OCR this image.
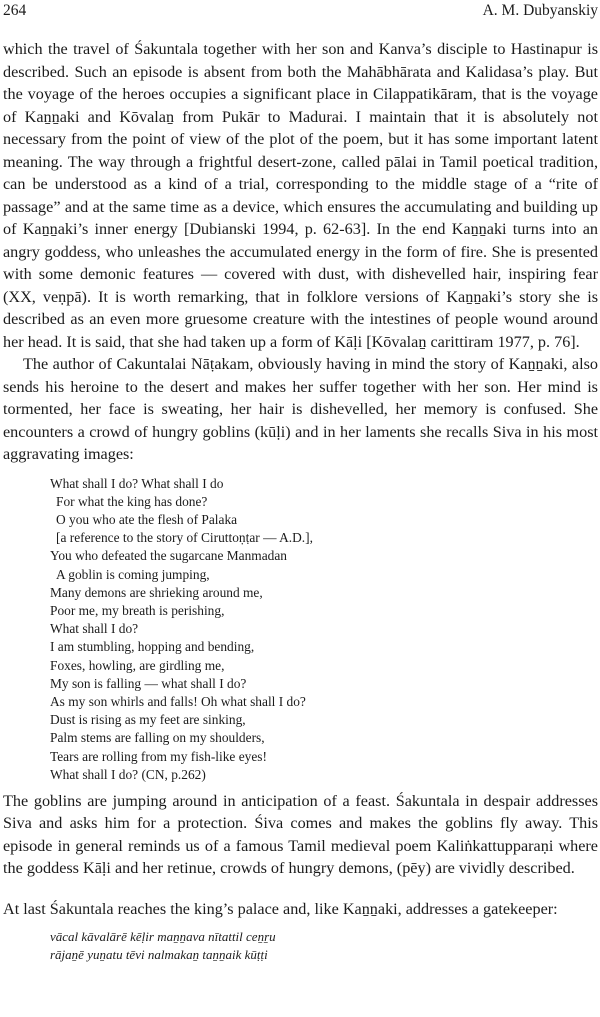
264	A. M. Dubyanskiy

which the travel of Śakuntala together with her son and Kanva’s disciple to Hastinapur is described. Such an episode is absent from both the Mahābhārata and Kalidasa’s play. But the voyage of the heroes occupies a significant place in Cilappatikāram, that is the voyage of Kaṉṉaki and Kōvalaṉ from Pukār to Madurai. I maintain that it is absolutely not necessary from the point of view of the plot of the poem, but it has some important latent meaning. The way through a frightful desert-zone, called pālai in Tamil poetical tradition, can be understood as a kind of a trial, corresponding to the middle stage of a “rite of passage” and at the same time as a device, which ensures the accumulating and building up of Kaṉṉaki’s inner energy [Dubianski 1994, p. 62-63]. In the end Kaṉṉaki turns into an angry goddess, who unleashes the accumulated energy in the form of fire. She is presented with some demonic features — covered with dust, with dishevelled hair, inspiring fear (XX, veṇpā). It is worth remarking, that in folklore versions of Kaṉṉaki’s story she is described as an even more gruesome creature with the intestines of people wound around her head. It is said, that she had taken up a form of Kāḷi [Kōvalaṉ carittiram 1977, p. 76].

The author of Cakuntalai Nāṭakam, obviously having in mind the story of Kaṉṉaki, also sends his heroine to the desert and makes her suffer together with her son. Her mind is tormented, her face is sweating, her hair is dishevelled, her memory is confused. She encounters a crowd of hungry goblins (kūḷi) and in her laments she recalls Siva in his most aggravating images:

What shall I do? What shall I do
For what the king has done?
O you who ate the flesh of Palaka
[a reference to the story of Ciruttoṇṭar — A.D.],
You who defeated the sugarcane Manmadan
A goblin is coming jumping,
Many demons are shrieking around me,
Poor me, my breath is perishing,
What shall I do?
I am stumbling, hopping and bending,
Foxes, howling, are girdling me,
My son is falling — what shall I do?
As my son whirls and falls! Oh what shall I do?
Dust is rising as my feet are sinking,
Palm stems are falling on my shoulders,
Tears are rolling from my fish-like eyes!
What shall I do? (CN, p.262)

The goblins are jumping around in anticipation of a feast. Śakuntala in despair addresses Siva and asks him for a protection. Śiva comes and makes the goblins fly away. This episode in general reminds us of a famous Tamil medieval poem Kaliṅkattupparaṇi where the goddess Kāḷi and her retinue, crowds of hungry demons, (pēy) are vividly described.

At last Śakuntala reaches the king’s palace and, like Kaṉṉaki, addresses a gatekeeper:

vācal kāvalārē kēḷir maṉṉava nītattil ceṉṟu
rājaṉē yuṉatu tēvi nalmakaṉ taṉṉaik kūṭṭi
